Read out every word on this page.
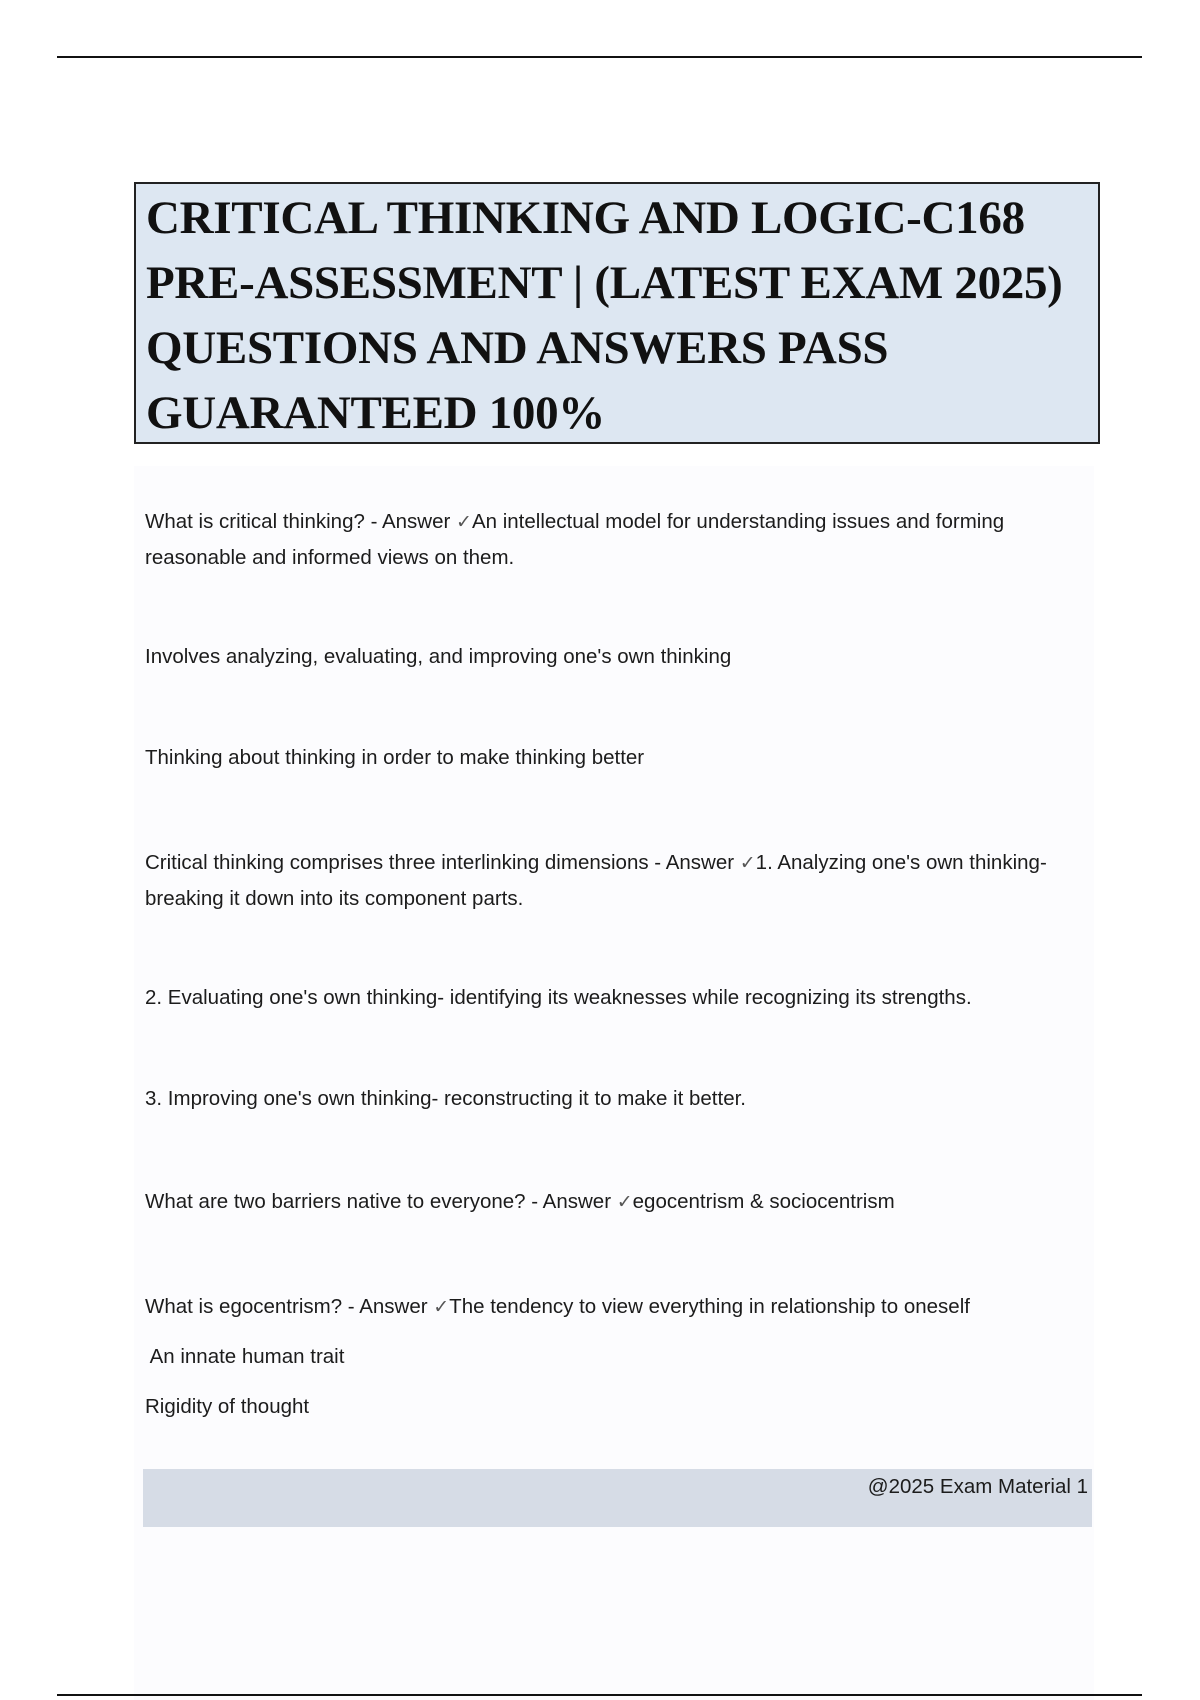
CRITICAL THINKING AND LOGIC-C168 PRE-ASSESSMENT | (LATEST EXAM 2025) QUESTIONS AND ANSWERS PASS GUARANTEED 100%

What is critical thinking? - Answer ✓An intellectual model for understanding issues and forming reasonable and informed views on them.

Involves analyzing, evaluating, and improving one's own thinking

Thinking about thinking in order to make thinking better

Critical thinking comprises three interlinking dimensions - Answer ✓1. Analyzing one's own thinking- breaking it down into its component parts.

2. Evaluating one's own thinking- identifying its weaknesses while recognizing its strengths.

3. Improving one's own thinking- reconstructing it to make it better.

What are two barriers native to everyone? - Answer ✓egocentrism & sociocentrism

What is egocentrism? - Answer ✓The tendency to view everything in relationship to oneself

An innate human trait

Rigidity of thought

@2025 Exam Material 1
